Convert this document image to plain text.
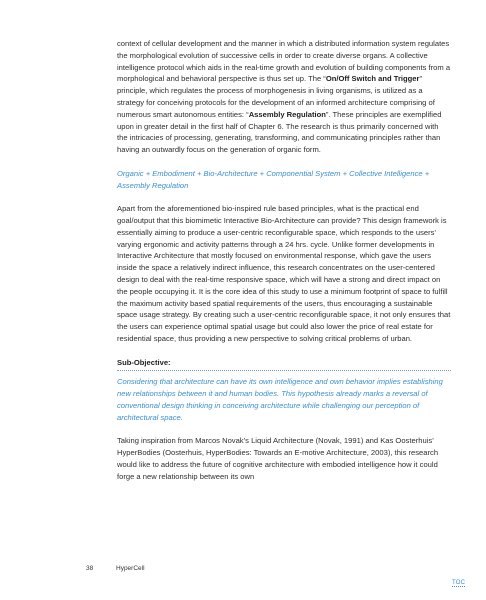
context of cellular development and the manner in which a distributed information system regulates the morphological evolution of successive cells in order to create diverse organs. A collective intelligence protocol which aids in the real-time growth and evolution of building components from a morphological and behavioral perspective is thus set up. The “On/Off Switch and Trigger” principle, which regulates the process of morphogenesis in living organisms, is utilized as a strategy for conceiving protocols for the development of an informed architecture comprising of numerous smart autonomous entities: “Assembly Regulation”. These principles are exemplified upon in greater detail in the first half of Chapter 6. The research is thus primarily concerned with the intricacies of processing, generating, transforming, and communicating principles rather than having an outwardly focus on the generation of organic form.

Organic + Embodiment + Bio-Architecture + Componential System + Collective Intelligence + Assembly Regulation

Apart from the aforementioned bio-inspired rule based principles, what is the practical end goal/output that this biomimetic Interactive Bio-Architecture can provide? This design framework is essentially aiming to produce a user-centric reconfigurable space, which responds to the users’ varying ergonomic and activity patterns through a 24 hrs. cycle. Unlike former developments in Interactive Architecture that mostly focused on environmental response, which gave the users inside the space a relatively indirect influence, this research concentrates on the user-centered design to deal with the real-time responsive space, which will have a strong and direct impact on the people occupying it. It is the core idea of this study to use a minimum footprint of space to fulfill the maximum activity based spatial requirements of the users, thus encouraging a sustainable space usage strategy. By creating such a user-centric reconfigurable space, it not only ensures that the users can experience optimal spatial usage but could also lower the price of real estate for residential space, thus providing a new perspective to solving critical problems of urban.

Sub-Objective:

Considering that architecture can have its own intelligence and own behavior implies establishing new relationships between it and human bodies. This hypothesis already marks a reversal of conventional design thinking in conceiving architecture while challenging our perception of architectural space.

Taking inspiration from Marcos Novak’s Liquid Architecture (Novak, 1991) and Kas Oosterhuis’ HyperBodies (Oosterhuis, HyperBodies: Towards an E-motive Architecture, 2003), this research would like to address the future of cognitive architecture with embodied intelligence how it could forge a new relationship between its own

38	HyperCell
TOC
